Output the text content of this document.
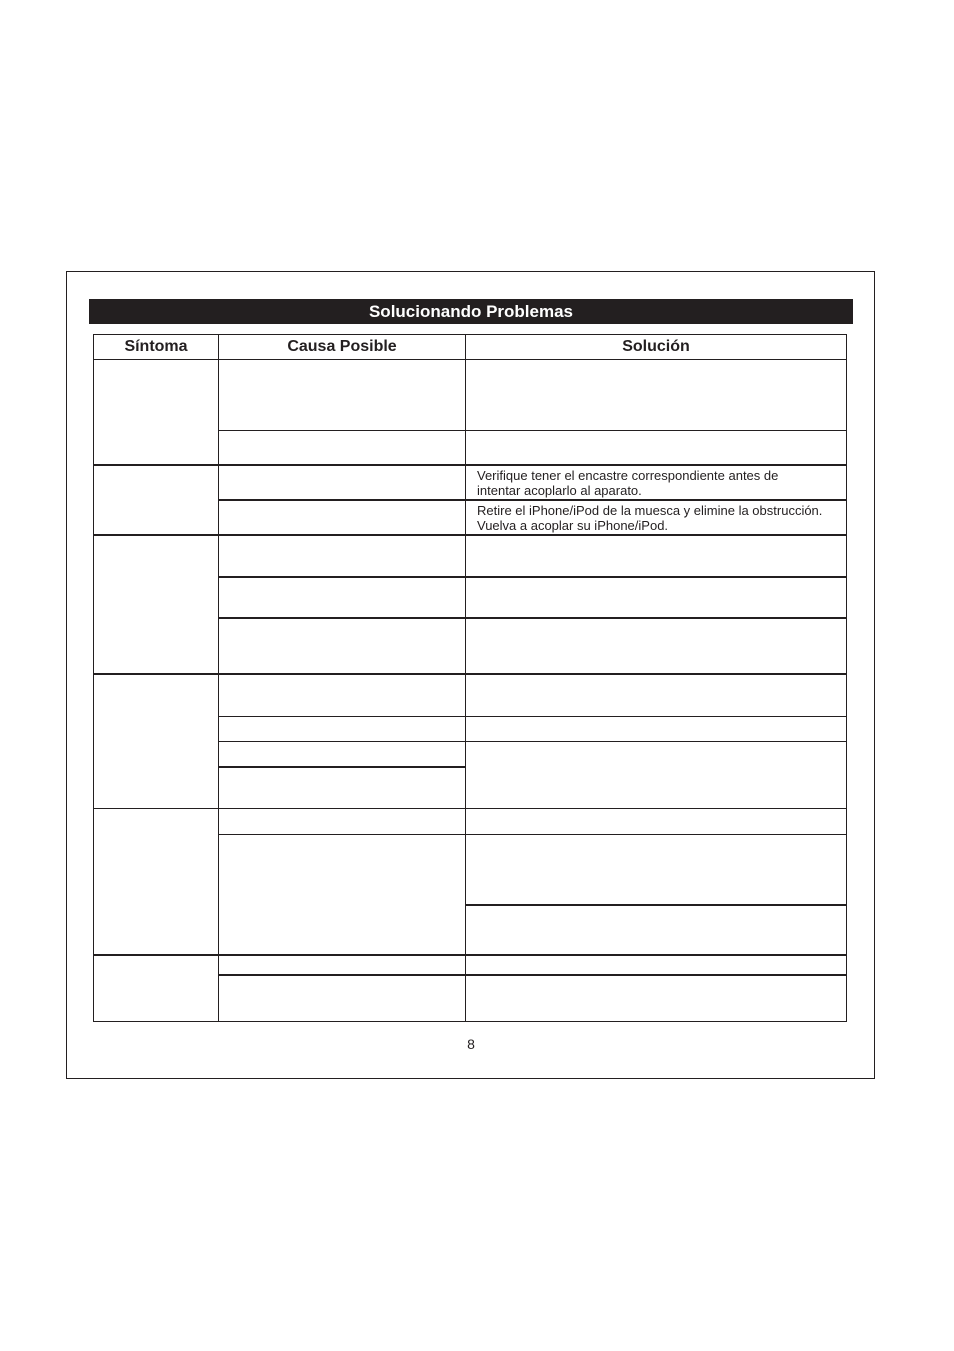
Solucionando Problemas
Síntoma	Causa Posible	Solución
Verifique tener el encastre correspondiente antes de
intentar acoplarlo al aparato.
Retire el iPhone/iPod de la muesca y elimine la obstrucción.
Vuelva a acoplar su iPhone/iPod.
8
